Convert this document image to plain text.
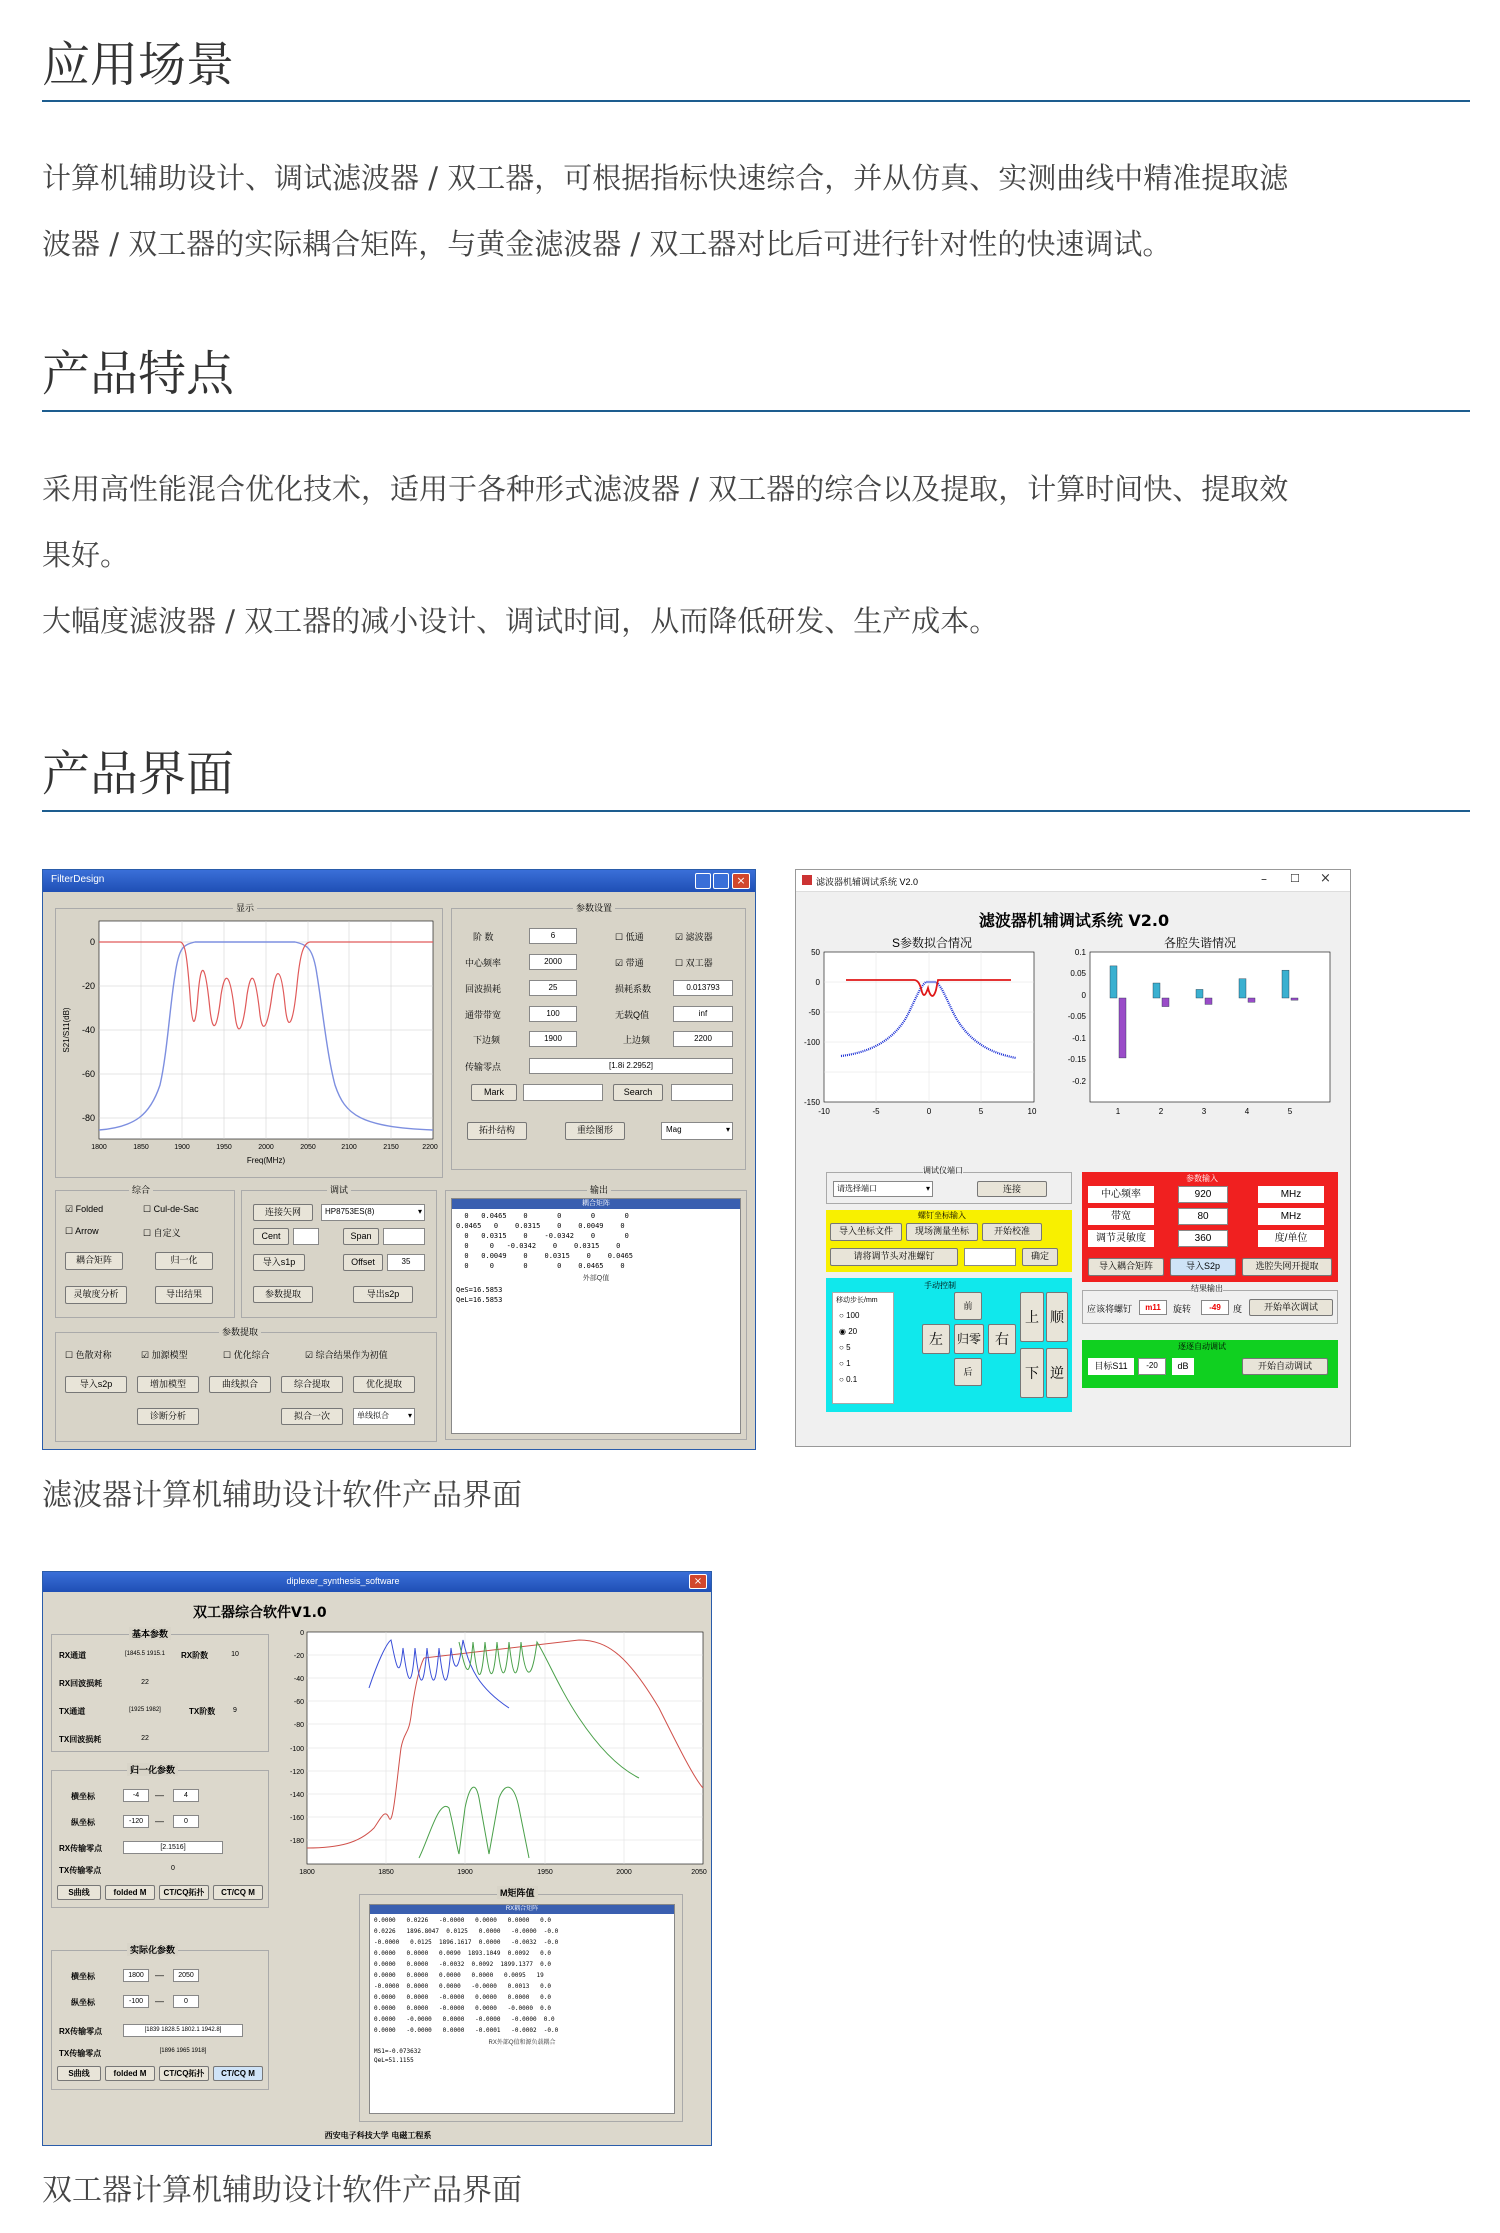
应用场景
计算机辅助设计、调试滤波器 / 双工器，可根据指标快速综合，并从仿真、实测曲线中精准提取滤
波器 / 双工器的实际耦合矩阵，与黄金滤波器 / 双工器对比后可进行针对性的快速调试。
产品特点
采用高性能混合优化技术，适用于各种形式滤波器 / 双工器的综合以及提取，计算时间快、提取效
果好。
大幅度滤波器 / 双工器的减小设计、调试时间，从而降低研发、生产成本。
产品界面
FilterDesign	×
显示
0
-20
-40
-60
-80
1800	1850	1900	1950	2000	2050	2100	2150	2200
Freq(MHz)
S21/S11(dB)
参数设置
阶 数	6
中心频率	2000
回波损耗	25
通带带宽	100
下边频	1900
☐ 低通	☑ 滤波器
☑ 带通	☐ 双工器
损耗系数	0.013793
无载Q值	inf
上边频	2200
传输零点	[1.8i 2.2952]
Mark	Search
拓扑结构	重绘图形	Mag	▾
综合
☑ Folded	☐ Cul-de-Sac
☐ Arrow	☐ 自定义
耦合矩阵	归一化
灵敏度分析	导出结果
调试
连接矢网	HP8753ES(8)	▾
Cent	Span
导入s1p	Offset	35
参数提取	导出s2p
输出
耦合矩阵
0   0.0465    0       0       0       0
0.0465   0    0.0315    0    0.0049    0
0   0.0315    0    -0.0342    0       0
0     0   -0.0342    0    0.0315    0
0   0.0049    0    0.0315    0    0.0465
0     0       0       0    0.0465    0
外部Q值
QeS=16.5853
QeL=16.5853
参数提取
☐ 色散对称	☑ 加源模型	☐ 优化综合	☑ 综合结果作为初值
导入s2p	增加模型	曲线拟合	综合提取	优化提取
诊断分析	拟合一次	单线拟合 ▾
滤波器计算机辅助设计软件产品界面
滤波器机辅调试系统 V2.0	– ☐ ×
滤波器机辅调试系统 V2.0
S参数拟合情况	各腔失谐情况
50
0
-50
-100
-150
-10	-5	0	5	10
0.1
0.05
0
-0.05
-0.1
-0.15
-0.2
1	2	3	4	5
调试仪端口
请选择端口	▾	连接
螺钉坐标输入
导入坐标文件	现场测量坐标	开始校准
请将调节头对准螺钉	确定
手动控制
移动步长/mm
○ 100
◉ 20
○ 5
○ 1
○ 0.1
前
左	归零	右
后
上 顺
下 逆
参数输入
中心频率	920	MHz
带宽	80	MHz
调节灵敏度	360	度/单位
导入耦合矩阵	导入S2p	选腔失网开提取
结果输出
应该将螺钉	m11	旋转	-49	度	开始单次调试
逐逐自动调试
目标S11	-20	dB	开始自动调试
diplexer_synthesis_software	×
双工器综合软件V1.0
基本参数
RX通道	[1845.5 1915.1	RX阶数	10
RX回波损耗	22
TX通道	[1925 1982]	TX阶数	9
TX回波损耗	22
归一化参数
横坐标	-4	—	4
纵坐标	-120	—	0
RX传输零点	[2.1516]
TX传输零点	0
S曲线	folded M	CT/CQ拓扑	CT/CQ M
实际化参数
横坐标	1800	—	2050
纵坐标	-100	—	0
RX传输零点	[1839 1828.5 1802.1 1942.8]
TX传输零点	[1896 1965 1918]
S曲线	folded M	CT/CQ拓扑	CT/CQ M
0
-20
-40
-60
-80
-100
-120
-140
-160
-180
1800	1850	1900	1950	2000	2050
M矩阵值
RX耦合矩阵
0.0000   0.0226   -0.0000   0.0000   0.0000   0.0
0.0226   1896.8047  0.0125   0.0000   -0.0000  -0.0
-0.0000   0.0125  1896.1617  0.0000   -0.0032  -0.0
0.0000   0.0000   0.0090  1893.1049  0.0092   0.0
0.0000   0.0000   -0.0032  0.0092  1899.1377  0.0
0.0000   0.0000   0.0000   0.0000   0.0095   19
-0.0000  0.0000   0.0000   -0.0000   0.0013   0.0
0.0000   0.0000   -0.0000   0.0000   0.0000   0.0
0.0000   0.0000   -0.0000   0.0000   -0.0000  0.0
0.0000   -0.0000   0.0000   -0.0000   -0.0000  0.0
0.0000   -0.0000   0.0000   -0.0001   -0.0002  -0.0
RX外部Q值和源负载耦合
MS1=-0.073632
QeL=51.1155
西安电子科技大学 电磁工程系
双工器计算机辅助设计软件产品界面
